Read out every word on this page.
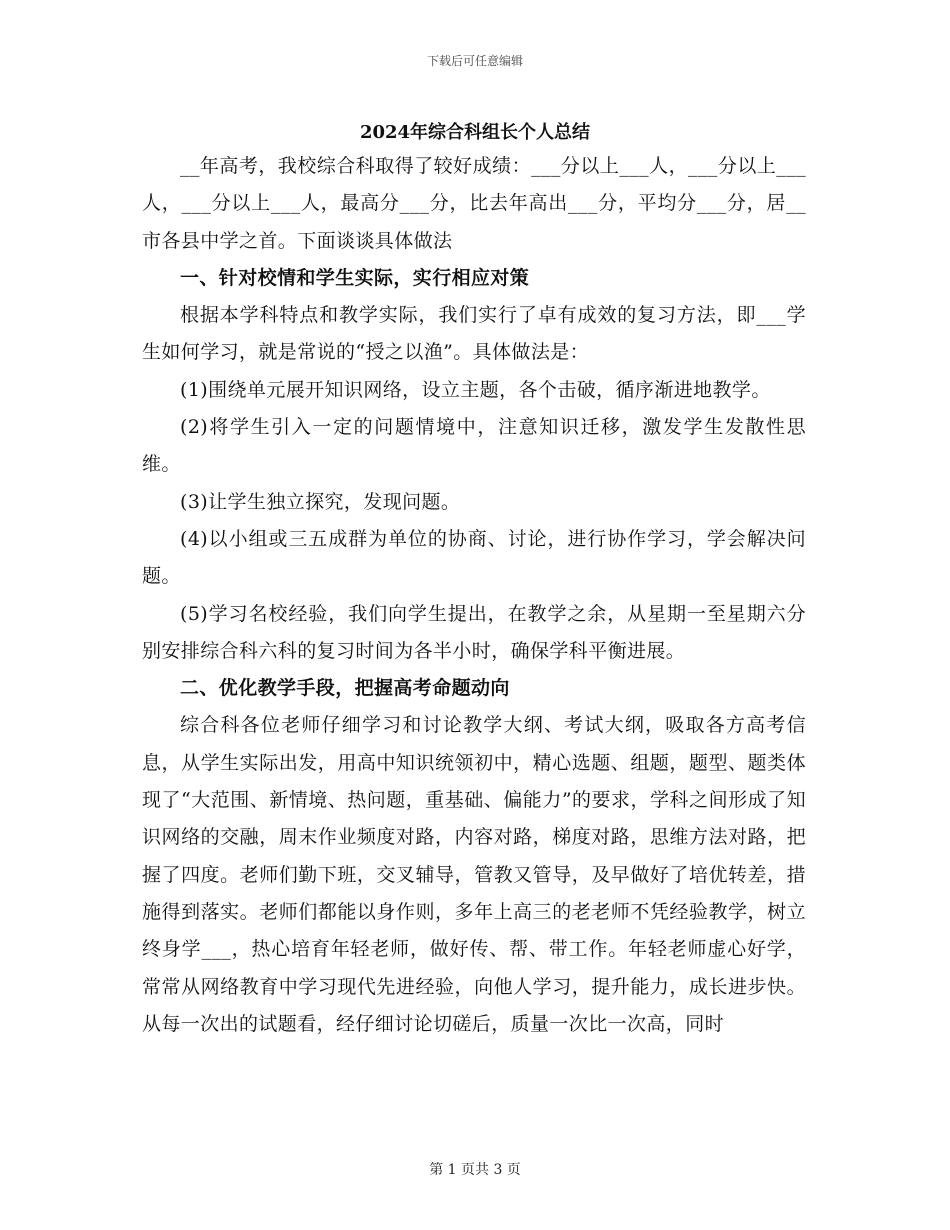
下载后可任意编辑
2024年综合科组长个人总结

__年高考，我校综合科取得了较好成绩：___分以上___人，___分以上___人，___分以上___人，最高分___分，比去年高出___分，平均分___分，居__市各县中学之首。下面谈谈具体做法

一、针对校情和学生实际，实行相应对策

根据本学科特点和教学实际，我们实行了卓有成效的复习方法，即___学生如何学习，就是常说的“授之以渔”。具体做法是：

(1)围绕单元展开知识网络，设立主题，各个击破，循序渐进地教学。

(2)将学生引入一定的问题情境中，注意知识迁移，激发学生发散性思维。

(3)让学生独立探究，发现问题。

(4)以小组或三五成群为单位的协商、讨论，进行协作学习，学会解决问题。

(5)学习名校经验，我们向学生提出，在教学之余，从星期一至星期六分别安排综合科六科的复习时间为各半小时，确保学科平衡进展。

二、优化教学手段，把握高考命题动向

综合科各位老师仔细学习和讨论教学大纲、考试大纲，吸取各方高考信息，从学生实际出发，用高中知识统领初中，精心选题、组题，题型、题类体现了“大范围、新情境、热问题，重基础、偏能力”的要求，学科之间形成了知识网络的交融，周末作业频度对路，内容对路，梯度对路，思维方法对路，把握了四度。老师们勤下班，交叉辅导，管教又管导，及早做好了培优转差，措施得到落实。老师们都能以身作则，多年上高三的老老师不凭经验教学，树立终身学___，热心培育年轻老师，做好传、帮、带工作。年轻老师虚心好学，常常从网络教育中学习现代先进经验，向他人学习，提升能力，成长进步快。从每一次出的试题看，经仔细讨论切磋后，质量一次比一次高，同时

第 1 页共 3 页
